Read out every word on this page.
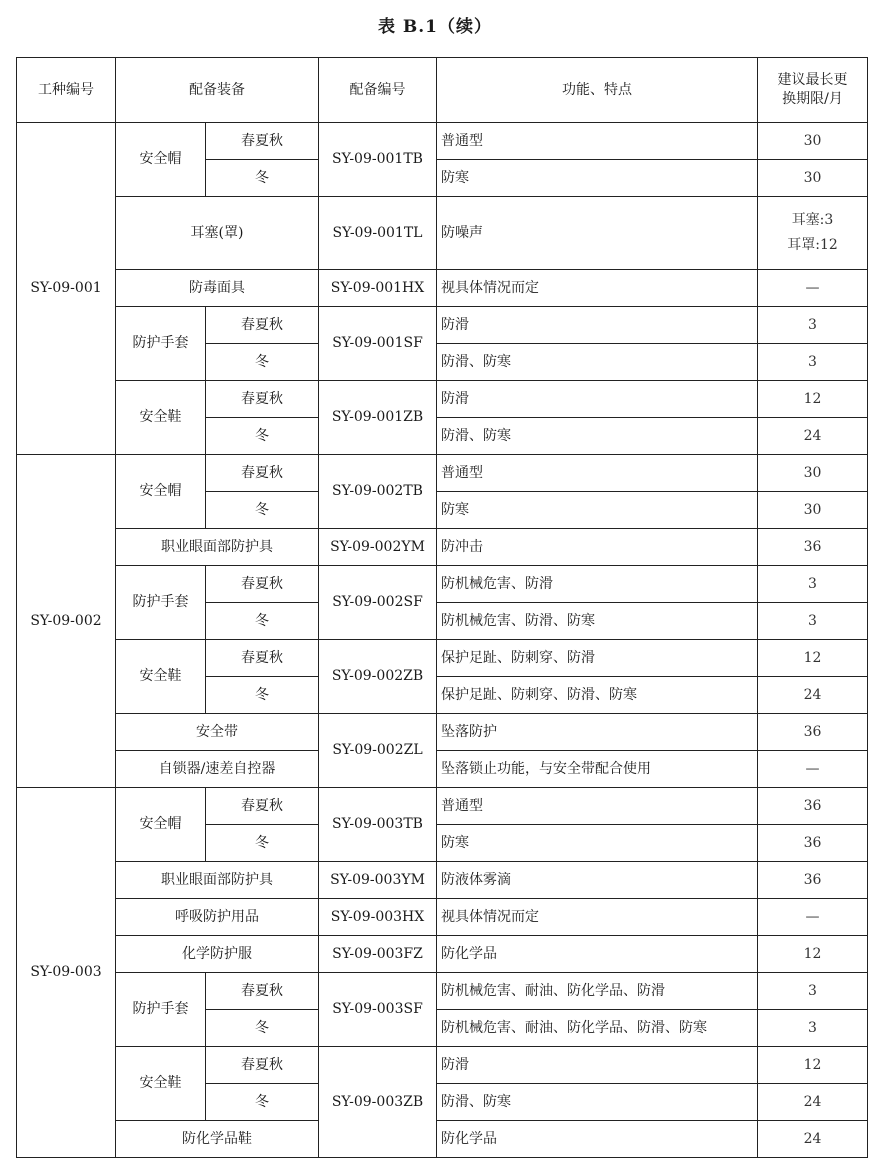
表 B.1（续）
工种编号	配备装备		配备编号	功能、特点	建议最长更
换期限/月

SY-09-001	安全帽	春夏秋	SY-09-001TB	普通型	30
		冬		防寒	30
	耳塞(罩)		SY-09-001TL	防噪声	耳塞:3
耳罩:12

	防毒面具		SY-09-001HX	视具体情况而定	—
	防护手套	春夏秋	SY-09-001SF	防滑	3
		冬		防滑、防寒	3
	安全鞋	春夏秋	SY-09-001ZB	防滑	12
		冬		防滑、防寒	24
SY-09-002	安全帽	春夏秋	SY-09-002TB	普通型	30
		冬		防寒	30
	职业眼面部防护具		SY-09-002YM	防冲击	36
	防护手套	春夏秋	SY-09-002SF	防机械危害、防滑	3
		冬		防机械危害、防滑、防寒	3
	安全鞋	春夏秋	SY-09-002ZB	保护足趾、防刺穿、防滑	12
		冬		保护足趾、防刺穿、防滑、防寒	24
	安全带		SY-09-002ZL	坠落防护	36
	自锁器/速差自控器			坠落锁止功能，与安全带配合使用	—
SY-09-003	安全帽	春夏秋	SY-09-003TB	普通型	36
		冬		防寒	36
	职业眼面部防护具		SY-09-003YM	防液体雾滴	36
	呼吸防护用品		SY-09-003HX	视具体情况而定	—
	化学防护服		SY-09-003FZ	防化学品	12
	防护手套	春夏秋	SY-09-003SF	防机械危害、耐油、防化学品、防滑	3
		冬		防机械危害、耐油、防化学品、防滑、防寒	3
	安全鞋	春夏秋	SY-09-003ZB	防滑	12
		冬		防滑、防寒	24
	防化学品鞋			防化学品	24
